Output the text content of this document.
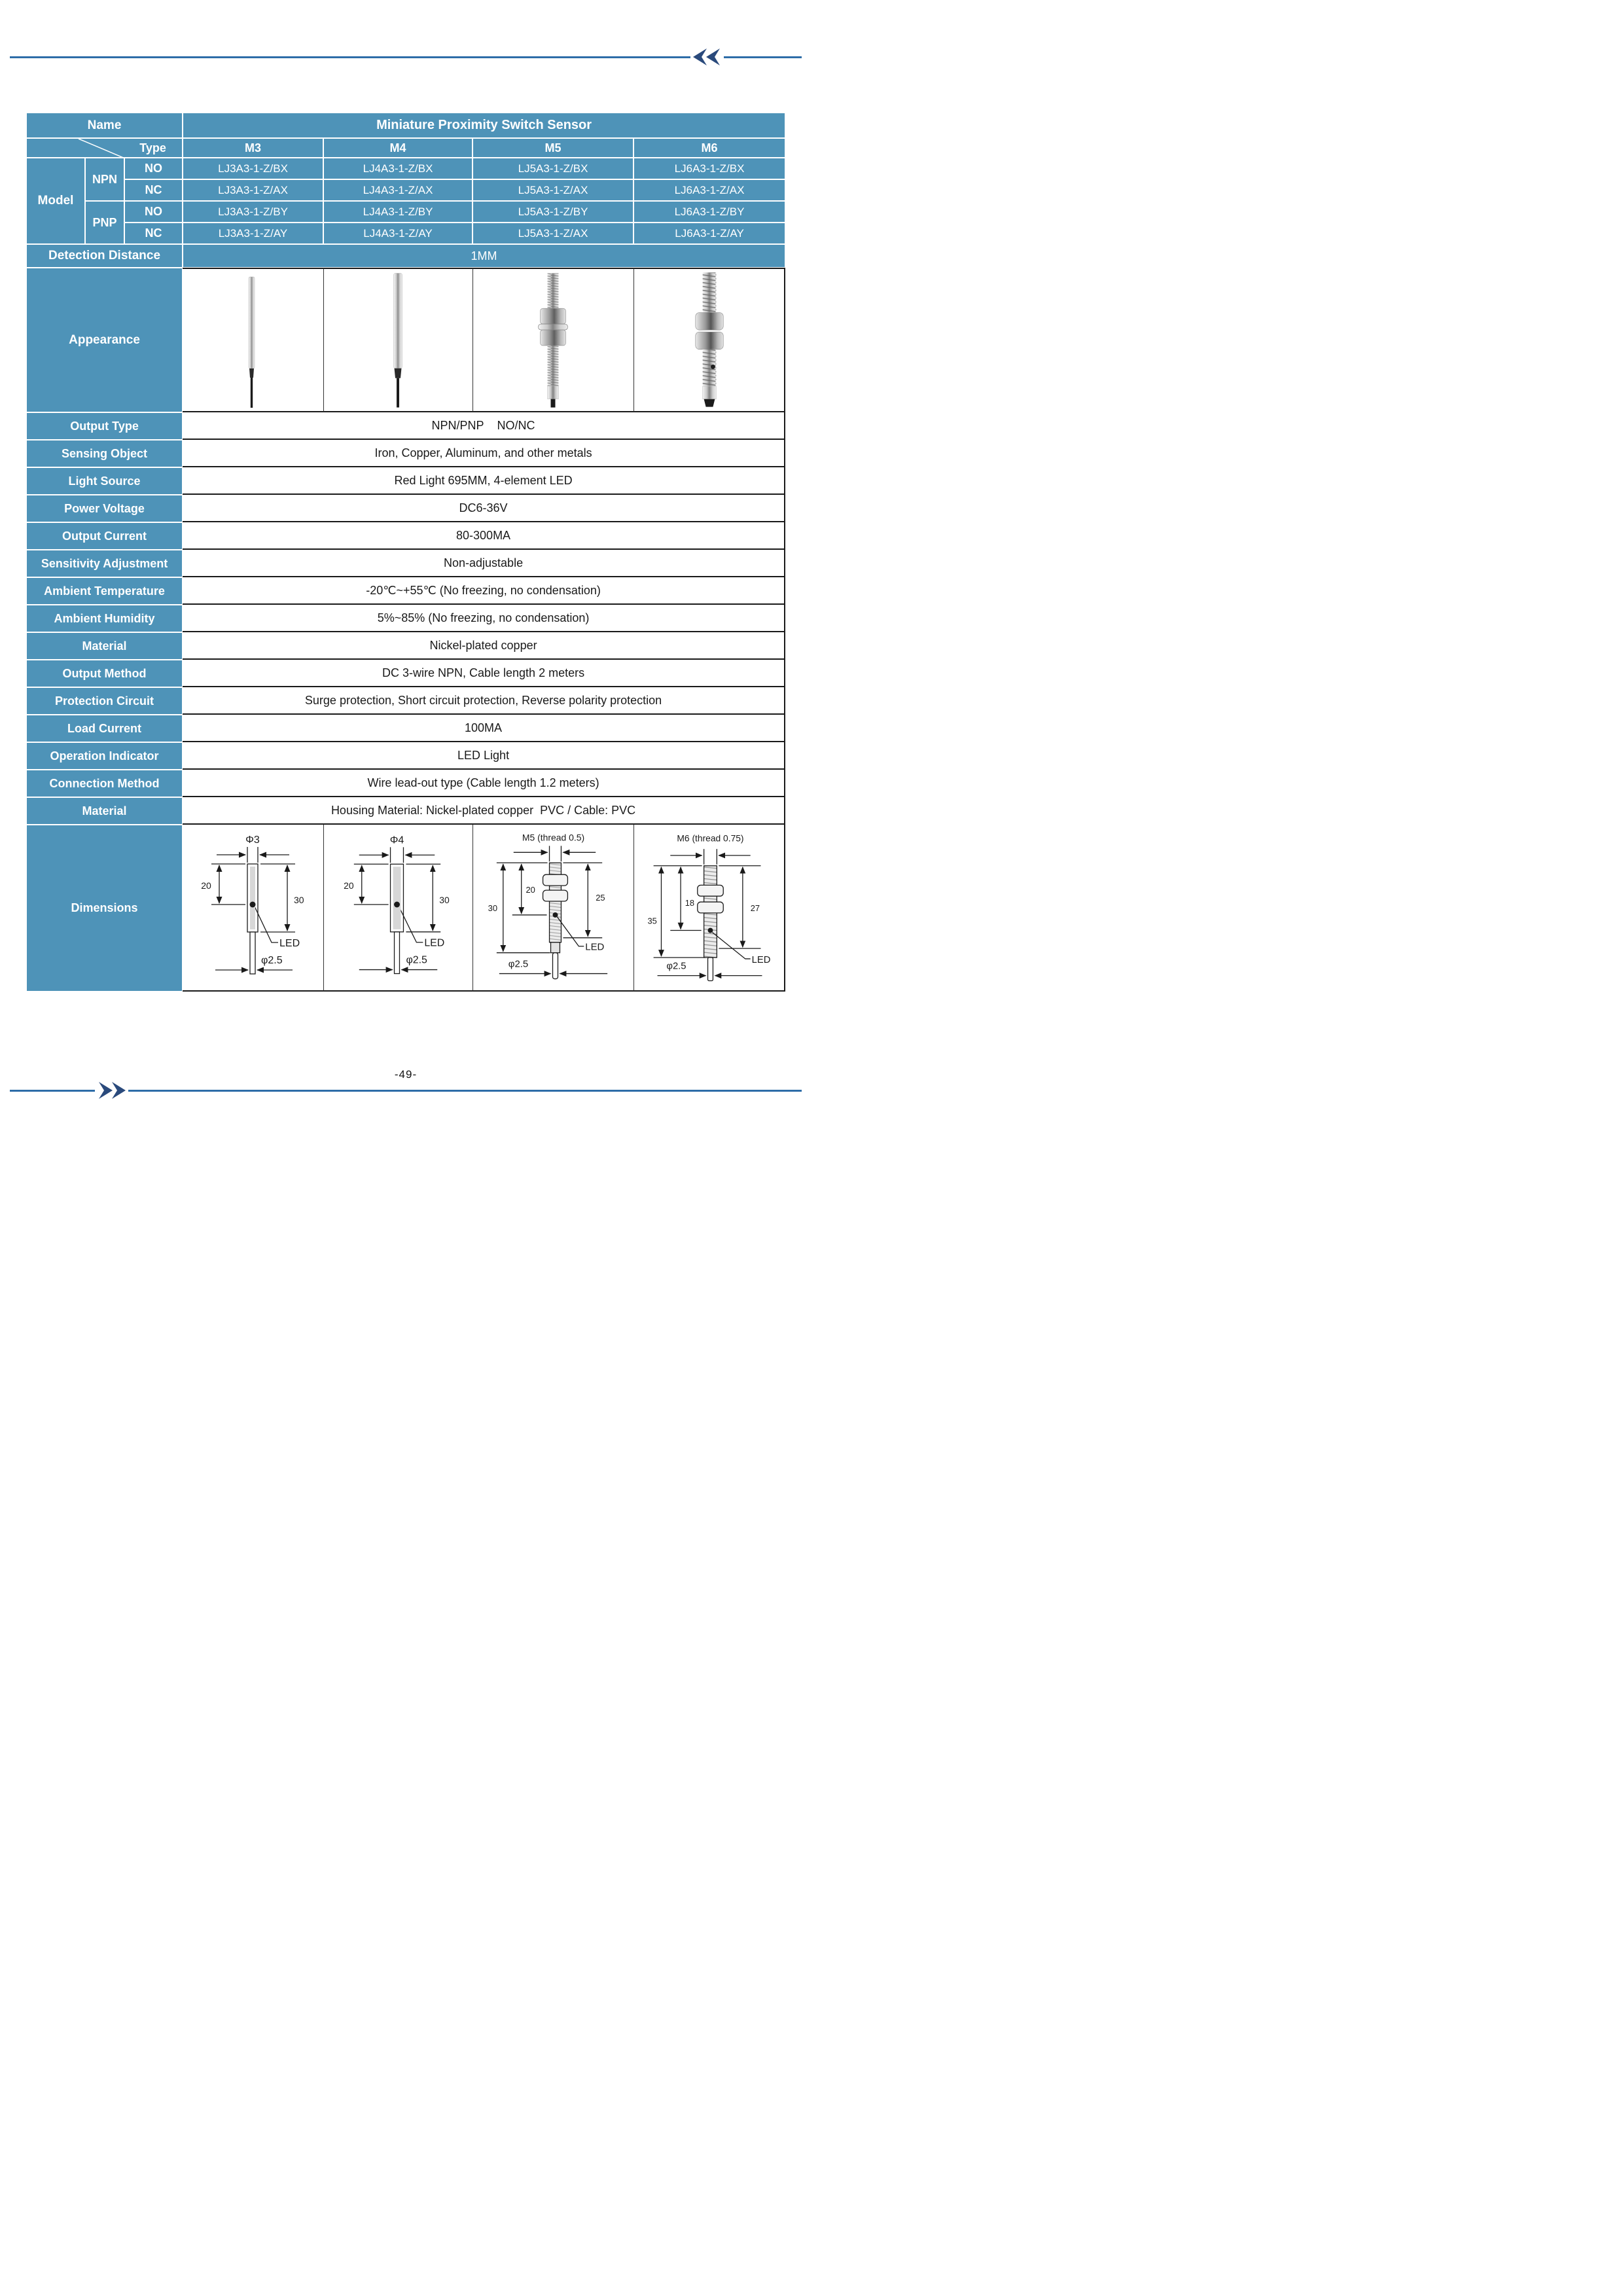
Name			Miniature Proximity Switch Sensor			

Type			M3	M4	M5	M6
Model	NPN	NO	LJ3A3-1-Z/BX	LJ4A3-1-Z/BX	LJ5A3-1-Z/BX	LJ6A3-1-Z/BX
		NC	LJ3A3-1-Z/AX	LJ4A3-1-Z/AX	LJ5A3-1-Z/AX	LJ6A3-1-Z/AX
	PNP	NO	LJ3A3-1-Z/BY	LJ4A3-1-Z/BY	LJ5A3-1-Z/BY	LJ6A3-1-Z/BY
		NC	LJ3A3-1-Z/AY	LJ4A3-1-Z/AY	LJ5A3-1-Z/AX	LJ6A3-1-Z/AY
Detection Distance			1MM			
Appearance				
Output Type			NPN/PNP    NO/NC			
Sensing Object			Iron, Copper, Aluminum, and other metals			
Light Source			Red Light 695MM, 4-element LED			
Power Voltage			DC6-36V			
Output Current			80-300MA			
Sensitivity Adjustment			Non-adjustable			
Ambient Temperature			-20℃~+55℃ (No freezing, no condensation)			
Ambient Humidity			5%~85% (No freezing, no condensation)			
Material			Nickel-plated copper			
Output Method			DC 3-wire NPN, Cable length 2 meters			
Protection Circuit			Surge protection, Short circuit protection, Reverse polarity protection			
Load Current			100MA			
Operation Indicator			LED Light			
Connection Method			Wire lead-out type (Cable length 1.2 meters)			
Material			Housing Material: Nickel-plated copper  PVC / Cable: PVC			
Dimensions	
Φ3
20
30
LED
φ2.5

Φ4
20
30
LED
φ2.5

M5 (thread 0.5)
30
20
25
LED
φ2.5

M6 (thread 0.75)
35
18
27
LED
φ2.5
-49-
